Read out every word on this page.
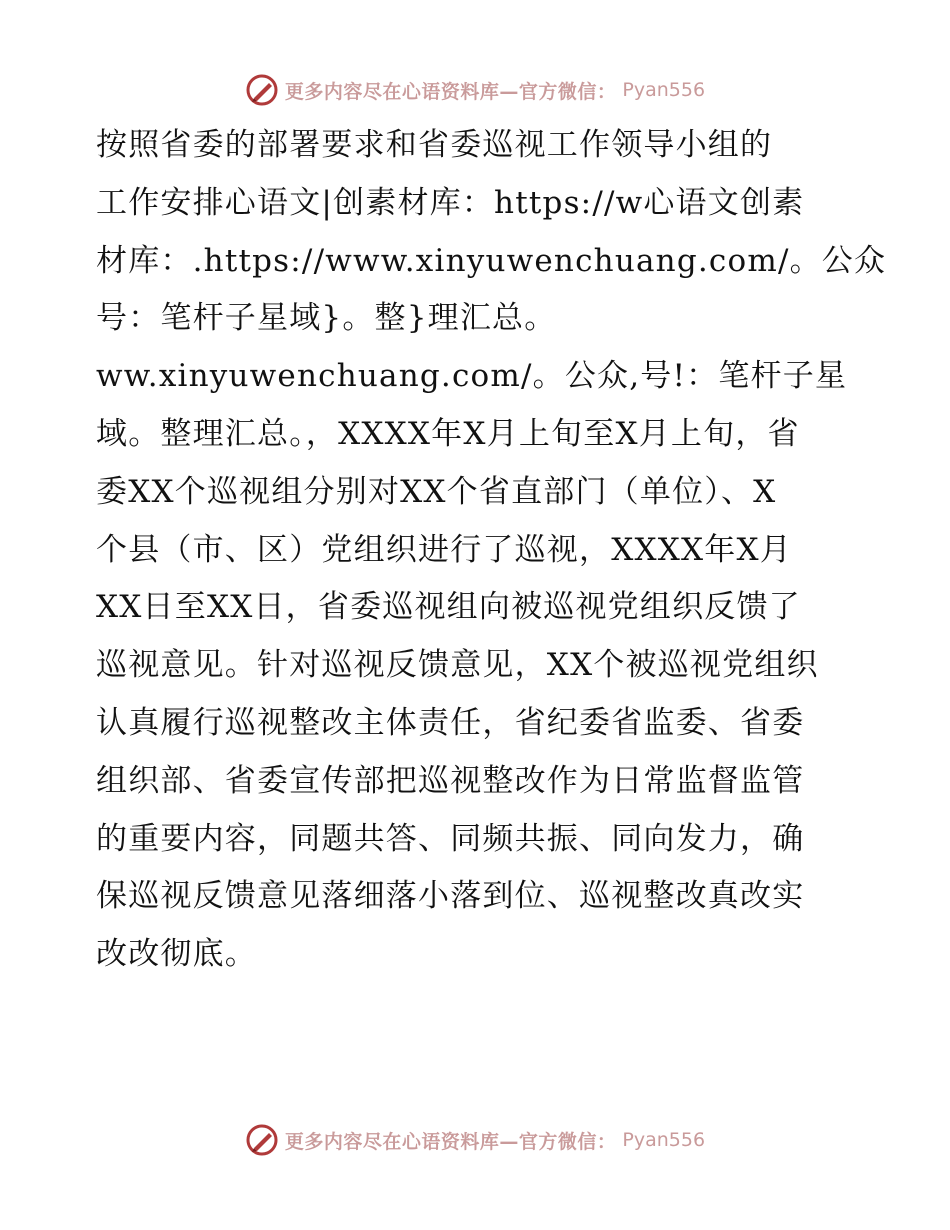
更多内容尽在心语资料库—官方微信： Pyan556
按照省委的部署要求和省委巡视工作领导小组的
工作安排心语文|创素材库：https://w心语文创素
材库：.https://www.xinyuwenchuang.com/。公众
号：笔杆子星域}。整}理汇总。
ww.xinyuwenchuang.com/。公众,号!：笔杆子星
域。整理汇总。，XXXX年X月上旬至X月上旬，省
委XX个巡视组分别对XX个省直部门（单位）、X
个县（市、区）党组织进行了巡视，XXXX年X月
XX日至XX日，省委巡视组向被巡视党组织反馈了
巡视意见。针对巡视反馈意见，XX个被巡视党组织
认真履行巡视整改主体责任，省纪委省监委、省委
组织部、省委宣传部把巡视整改作为日常监督监管
的重要内容，同题共答、同频共振、同向发力，确
保巡视反馈意见落细落小落到位、巡视整改真改实
改改彻底。
更多内容尽在心语资料库—官方微信： Pyan556
